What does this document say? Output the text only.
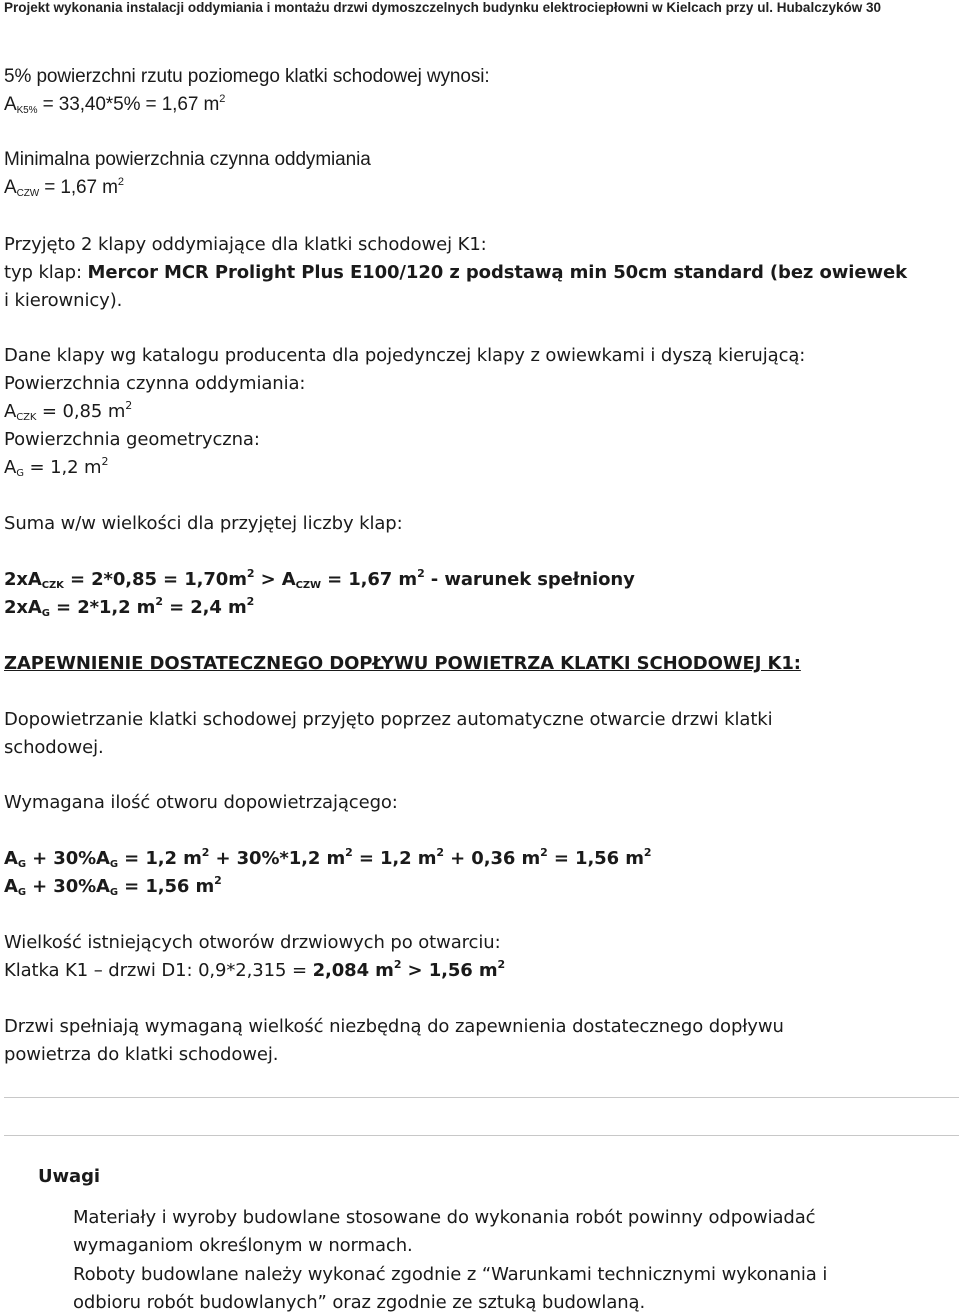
Projekt wykonania instalacji oddymiania i montażu drzwi dymoszczelnych budynku elektrociepłowni w Kielcach przy ul. Hubalczyków 30
5% powierzchni rzutu poziomego klatki schodowej wynosi:
$A_{K5\%} = 33,40*5\% = 1,67$ $m^2$
Minimalna powierzchnia czynna oddymiania
$A_{CZW} = 1,67$ $m^2$
Przyjęto 2 klapy oddymiające dla klatki schodowej K1:
typ klap: Mercor MCR Prolight Plus E100/120 z podstawą min 50cm standard (bez owiewek
i kierownicy).
Dane klapy wg katalogu producenta dla pojedynczej klapy z owiewkami i dyszą kierującą:
Powierzchnia czynna oddymiania:
$A_{CZK} = 0,85$ $m^2$
Powierzchnia geometryczna:
$A_G = 1,2$ $m^2$
Suma w/w wielkości dla przyjętej liczby klap:
$2xA_{CZK} = 2*0,85 = 1,70m^2 > A_{CZW} = 1,67$ $m^2$ - warunek spełniony
$2xA_G = 2*1,2$ $m^2 = 2,4$ $m^2$
ZAPEWNIENIE DOSTATECZNEGO DOPŁYWU POWIETRZA KLATKI SCHODOWEJ K1:
Dopowietrzanie klatki schodowej przyjęto poprzez automatyczne otwarcie drzwi klatki
schodowej.
Wymagana ilość otworu dopowietrzającego:
$A_G + 30\%A_G = 1,2$ $m^2 + 30\%*1,2$ $m^2 = 1,2$ $m^2 + 0,36$ $m^2 = 1,56$ $m^2$
$A_G + 30\%A_G = 1,56$ $m^2$
Wielkość istniejących otworów drzwiowych po otwarciu:
Klatka K1 – drzwi D1: 0,9*2,315 = 2,084 $m^2 > 1,56$ $m^2$
Drzwi spełniają wymaganą wielkość niezbędną do zapewnienia dostatecznego dopływu
powietrza do klatki schodowej.
Uwagi
Materiały i wyroby budowlane stosowane do wykonania robót powinny odpowiadać
wymaganiom określonym w normach.
Roboty budowlane należy wykonać zgodnie z “Warunkami technicznymi wykonania i
odbioru robót budowlanych” oraz zgodnie ze sztuką budowlaną.
